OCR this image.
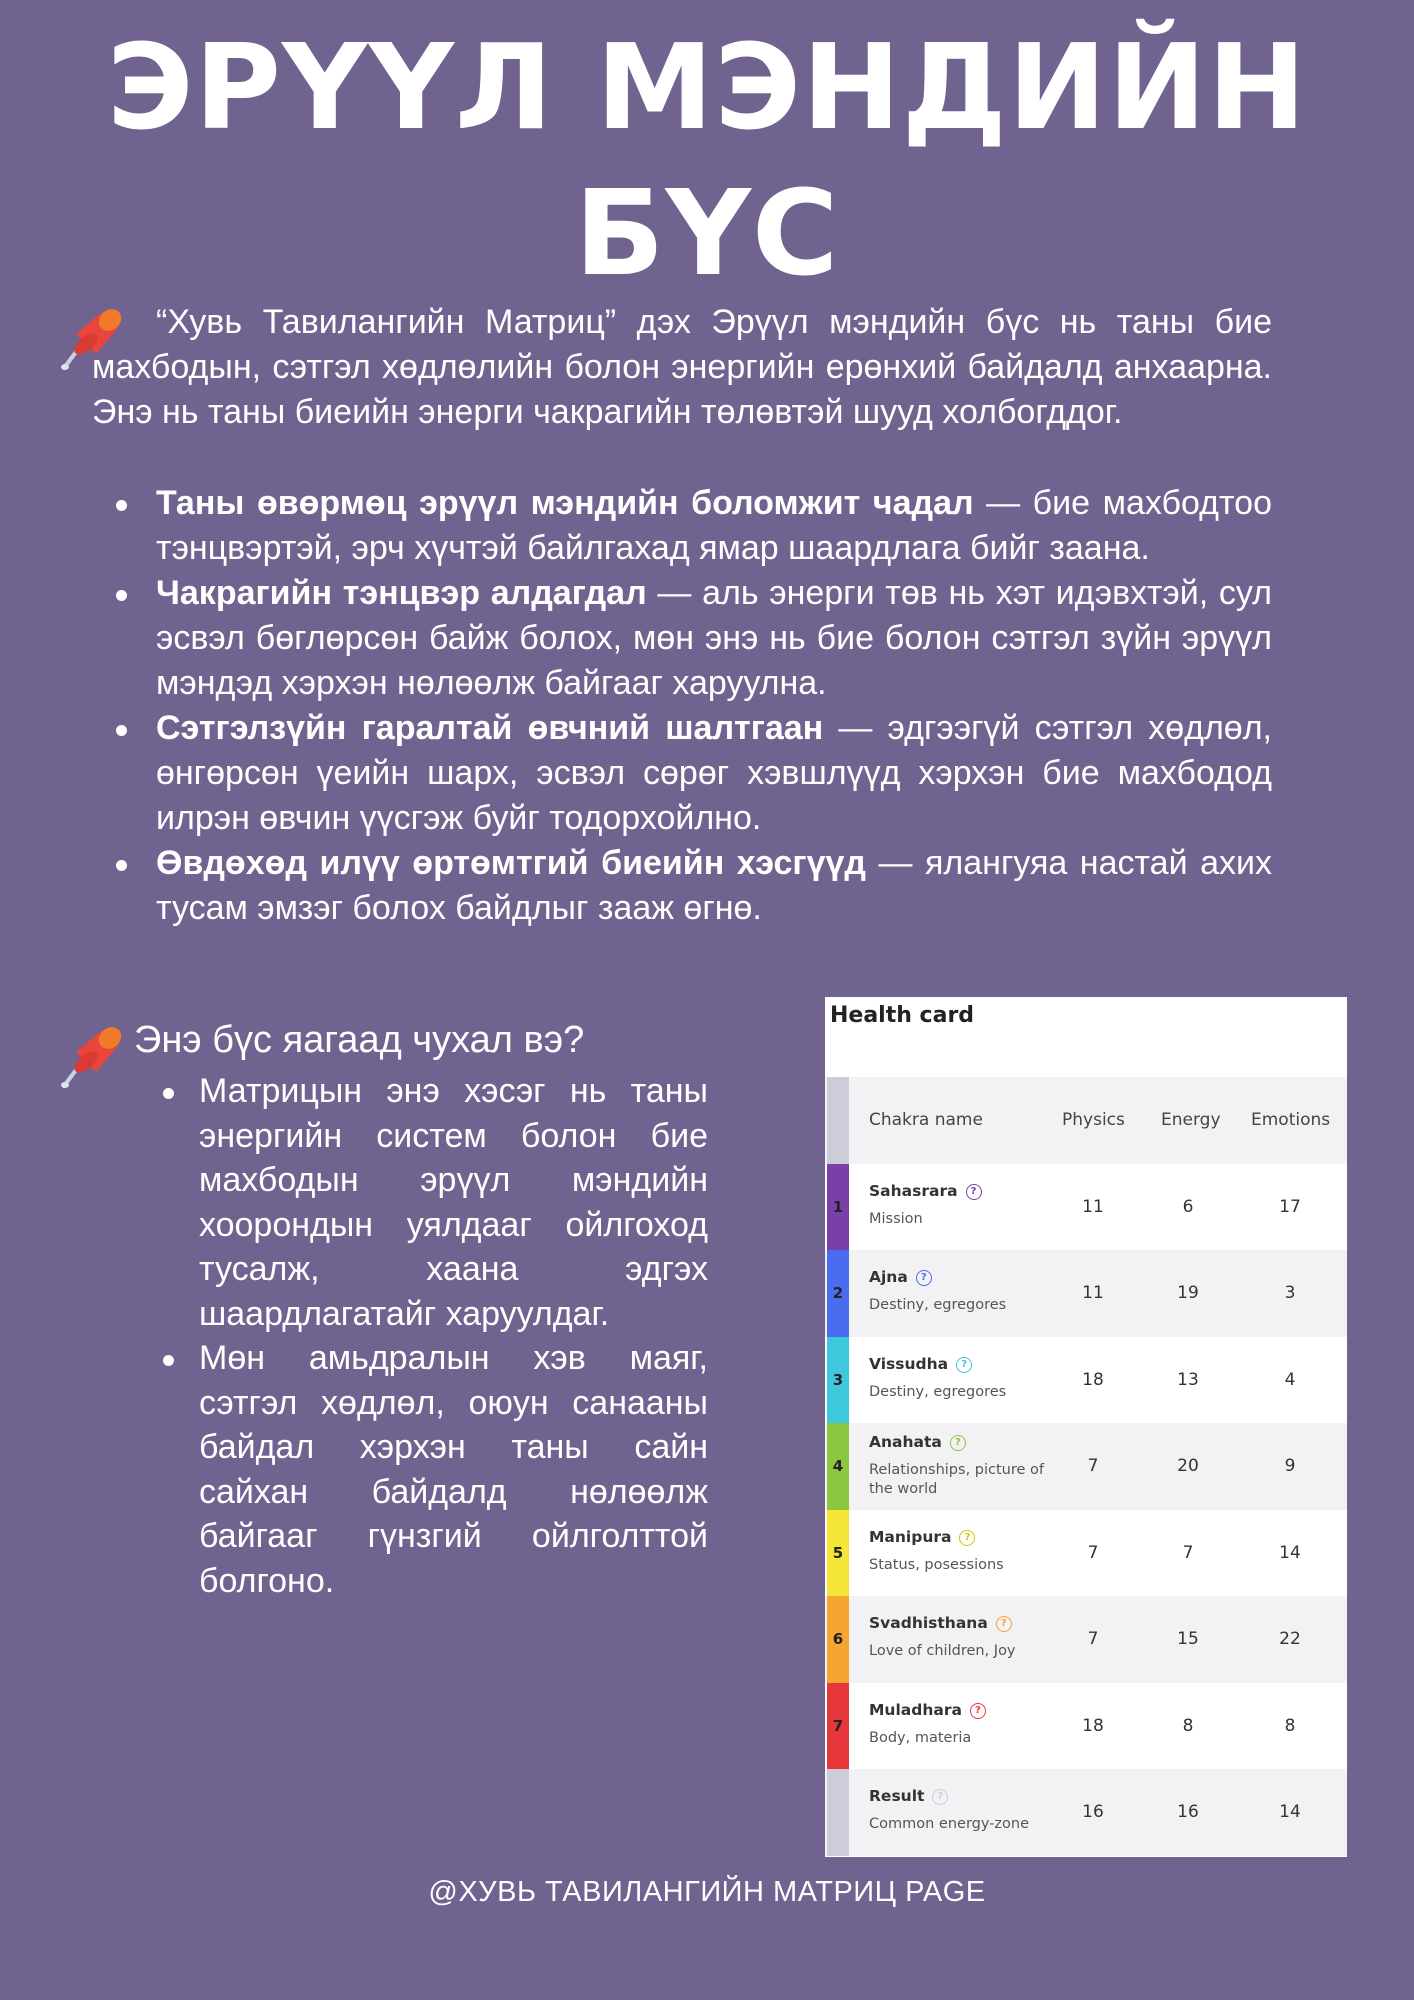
ЭРҮҮЛ МЭНДИЙН
БҮС

“Хувь Тавилангийн Матриц” дэх Эрүүл мэндийн бүс нь таны бие махбодын, сэтгэл хөдлөлийн болон энергийн ерөнхий байдалд анхаарна. Энэ нь таны биеийн энерги чакрагийн төлөвтэй шууд холбогддог.

Таны өвөрмөц эрүүл мэндийн боломжит чадал — бие махбодтоо тэнцвэртэй, эрч хүчтэй байлгахад ямар шаардлага бийг заана.
Чакрагийн тэнцвэр алдагдал — аль энерги төв нь хэт идэвхтэй, сул эсвэл бөглөрсөн байж болох, мөн энэ нь бие болон сэтгэл зүйн эрүүл мэндэд хэрхэн нөлөөлж байгааг харуулна.
Сэтгэлзүйн гаралтай өвчний шалтгаан — эдгээгүй сэтгэл хөдлөл, өнгөрсөн үеийн шарх, эсвэл сөрөг хэвшлүүд хэрхэн бие махбодод илрэн өвчин үүсгэж буйг тодорхойлно.
Өвдөхөд илүү өртөмтгий биеийн хэсгүүд — ялангуяа настай ахих тусам эмзэг болох байдлыг зааж өгнө.
Энэ бүс яагаад чухал вэ?
Матрицын энэ хэсэг нь таны энергийн систем болон бие махбодын эрүүл мэндийн хоорондын уялдааг ойлгоход тусалж, хаана эдгэх шаардлагатайг харуулдаг.
Мөн амьдралын хэв маяг, сэтгэл хөдлөл, оюун санааны байдал хэрхэн таны сайн сайхан байдалд нөлөөлж байгааг гүнзгий ойлголттой болгоно.
Health card
Chakra name	Physics Energy Emotions
1
Sahasrara ?
Mission
11	6	17
2
Ajna ?
Destiny, egregores
11	19	3
3
Vissudha ?
Destiny, egregores
18	13	4
4
Anahata ?
Relationships, picture of the world
7	20	9
5
Manipura ?
Status, posessions
7	7	14
6
Svadhisthana ?
Love of children, Joy
7	15	22
7
Muladhara ?
Body, materia
18	8	8
Result ?
Common energy-zone
16	16	14

@ХУВЬ ТАВИЛАНГИЙН МАТРИЦ PAGE
